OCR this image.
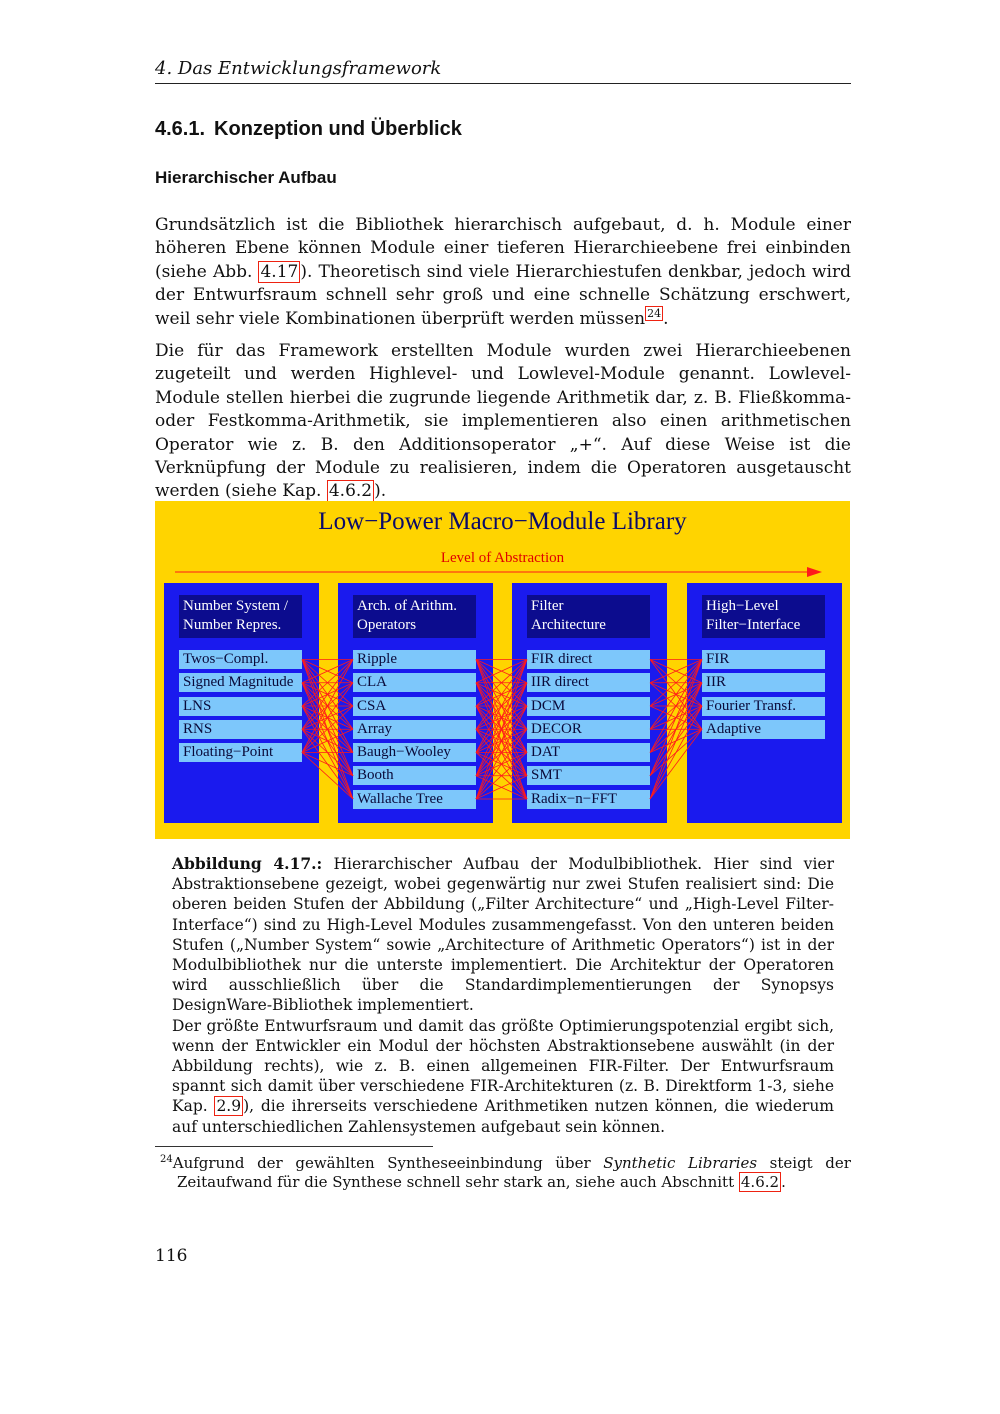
4. Das Entwicklungsframework
4.6.1. Konzeption und Überblick
Hierarchischer Aufbau

Grundsätzlich ist die Bibliothek hierarchisch aufgebaut, d. h. Module einer höheren Ebene können Module einer tieferen Hierarchieebene frei einbinden (siehe Abb. 4.17 ). Theoretisch sind viele Hierarchiestufen denkbar, jedoch wird der Entwurfsraum schnell sehr groß und eine schnelle Schätzung erschwert, weil sehr viele Kombinationen überprüft werden müssen $^{24}$ .

Die für das Framework erstellten Module wurden zwei Hierarchieebenen zugeteilt und werden Highlevel- und Lowlevel-Module genannt. Lowlevel-Module stellen hierbei die zugrunde liegende Arithmetik dar, z. B. Fließkomma- oder Festkomma-Arithmetik, sie implementieren also einen arithmetischen Operator wie z. B. den Additionsoperator „+“. Auf diese Weise ist die Verknüpfung der Module zu realisieren, indem die Operatoren ausgetauscht werden (siehe Kap. 4.6.2 ).

Low−Power Macro−Module Library
Level of Abstraction
Number System /
Number Repres.
Twos−Compl.
Signed Magnitude
LNS
RNS
Floating−Point
Arch. of Arithm.
Operators
Ripple
CLA
CSA
Array
Baugh−Wooley
Booth
Wallache Tree
Filter
Architecture
FIR direct
IIR direct
DCM
DECOR
DAT
SMT
Radix−n−FFT
High−Level
Filter−Interface
FIR
IIR
Fourier Transf.
Adaptive

Abbildung 4.17.: Hierarchischer Aufbau der Modulbibliothek. Hier sind vier Abstraktionsebene gezeigt, wobei gegenwärtig nur zwei Stufen realisiert sind: Die oberen beiden Stufen der Abbildung („Filter Architecture“ und „High-Level Filter-Interface“) sind zu High-Level Modules zusammengefasst. Von den unteren beiden Stufen („Number System“ sowie „Architecture of Arithmetic Operators“) ist in der Modulbibliothek nur die unterste implementiert. Die Architektur der Operatoren wird ausschließlich über die Standardimplementierungen der Synopsys DesignWare-Bibliothek implementiert.

Der größte Entwurfsraum und damit das größte Optimierungspotenzial ergibt sich, wenn der Entwickler ein Modul der höchsten Abstraktionsebene auswählt (in der Abbildung rechts), wie z. B. einen allgemeinen FIR-Filter. Der Entwurfsraum spannt sich damit über verschiedene FIR-Architekturen (z. B. Direktform 1-3, siehe Kap. 2.9 ), die ihrerseits verschiedene Arithmetiken nutzen können, die wiederum auf unterschiedlichen Zahlensystemen aufgebaut sein können.

$^{24}$Aufgrund der gewählten Syntheseeinbindung über Synthetic Libraries steigt der Zeitaufwand für die Synthese schnell sehr stark an, siehe auch Abschnitt 4.6.2 .
116
